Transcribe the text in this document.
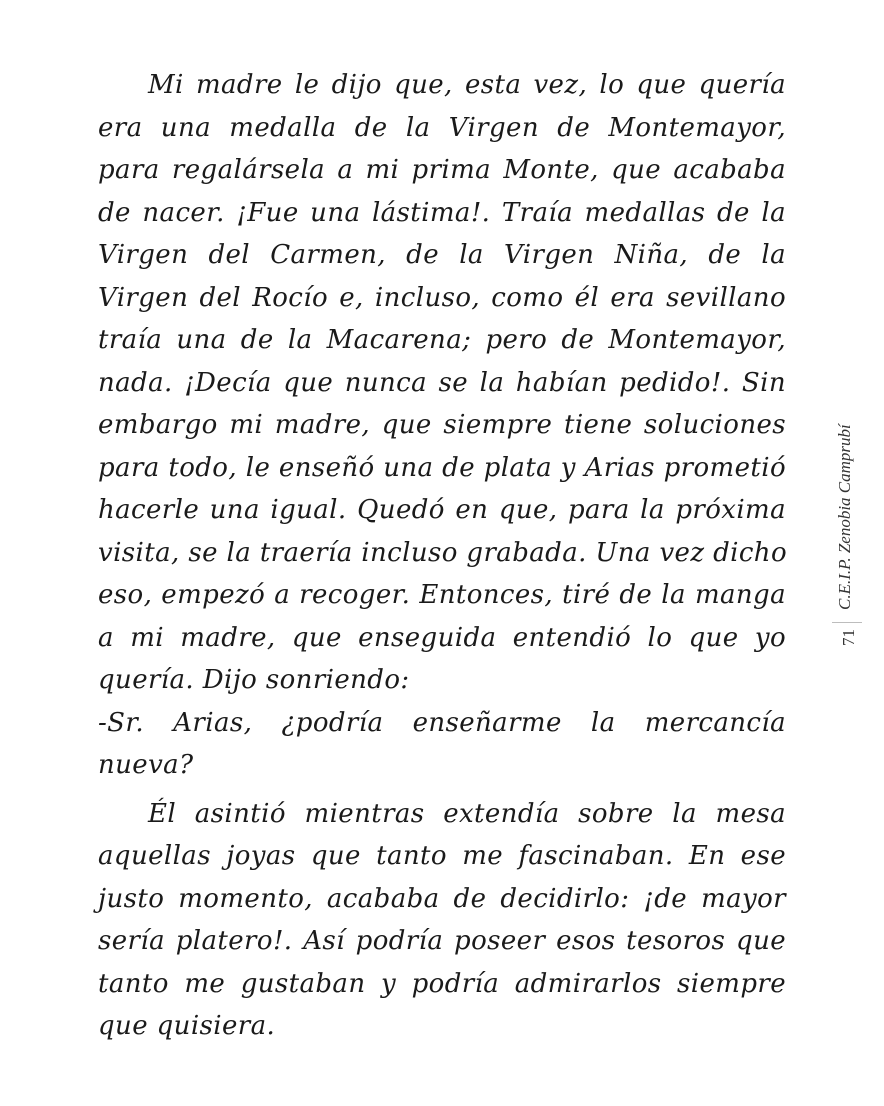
Mi madre le dijo que, esta vez, lo que quería
era una medalla de la Virgen de Montemayor,
para regalársela a mi prima Monte, que acababa
de nacer. ¡Fue una lástima!. Traía medallas de la
Virgen del Carmen, de la Virgen Niña, de la
Virgen del Rocío e, incluso, como él era sevillano
traía una de la Macarena; pero de Montemayor,
nada. ¡Decía que nunca se la habían pedido!. Sin
embargo mi madre, que siempre tiene soluciones
para todo, le enseñó una de plata y Arias prometió
hacerle una igual. Quedó en que, para la próxima
visita, se la traería incluso grabada. Una vez dicho
eso, empezó a recoger. Entonces, tiré de la manga
a mi madre, que enseguida entendió lo que yo
quería. Dijo sonriendo:
-Sr. Arias, ¿podría enseñarme la mercancía
nueva?
Él asintió mientras extendía sobre la mesa
aquellas joyas que tanto me fascinaban. En ese
justo momento, acababa de decidirlo: ¡de mayor
sería platero!. Así podría poseer esos tesoros que
tanto me gustaban y podría admirarlos siempre
que quisiera.
C.E.I.P. Zenobia Camprubí
71
